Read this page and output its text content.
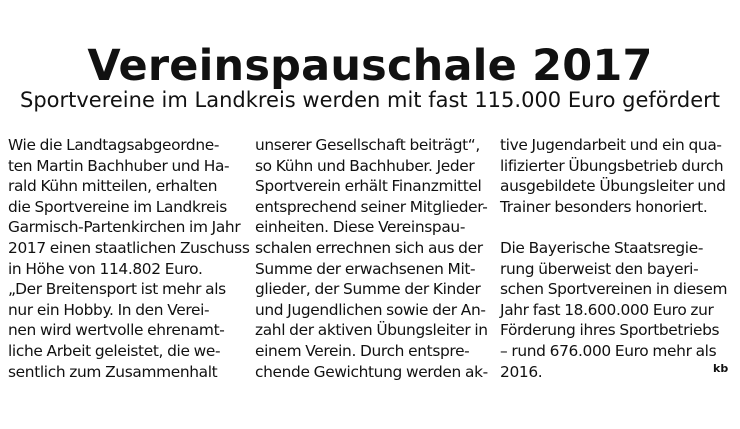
Vereinspauschale 2017
Sportvereine im Landkreis werden mit fast 115.000 Euro gefördert
Wie die Landtagsabgeordne-
ten Martin Bachhuber und Ha-
rald Kühn mitteilen, erhalten
die Sportvereine im Landkreis
Garmisch-Partenkirchen im Jahr
2017 einen staatlichen Zuschuss
in Höhe von 114.802 Euro.
„Der Breitensport ist mehr als
nur ein Hobby. In den Verei-
nen wird wertvolle ehrenamt-
liche Arbeit geleistet, die we-
sentlich zum Zusammenhalt
unserer Gesellschaft beiträgt“,
so Kühn und Bachhuber. Jeder
Sportverein erhält Finanzmittel
entsprechend seiner Mitglieder-
einheiten. Diese Vereinspau-
schalen errechnen sich aus der
Summe der erwachsenen Mit-
glieder, der Summe der Kinder
und Jugendlichen sowie der An-
zahl der aktiven Übungsleiter in
einem Verein. Durch entspre-
chende Gewichtung werden ak-
tive Jugendarbeit und ein qua-
lifizierter Übungsbetrieb durch
ausgebildete Übungsleiter und
Trainer besonders honoriert.
Die Bayerische Staatsregie-
rung überweist den bayeri-
schen Sportvereinen in diesem
Jahr fast 18.600.000 Euro zur
Förderung ihres Sportbetriebs
– rund 676.000 Euro mehr als
2016.	kb
